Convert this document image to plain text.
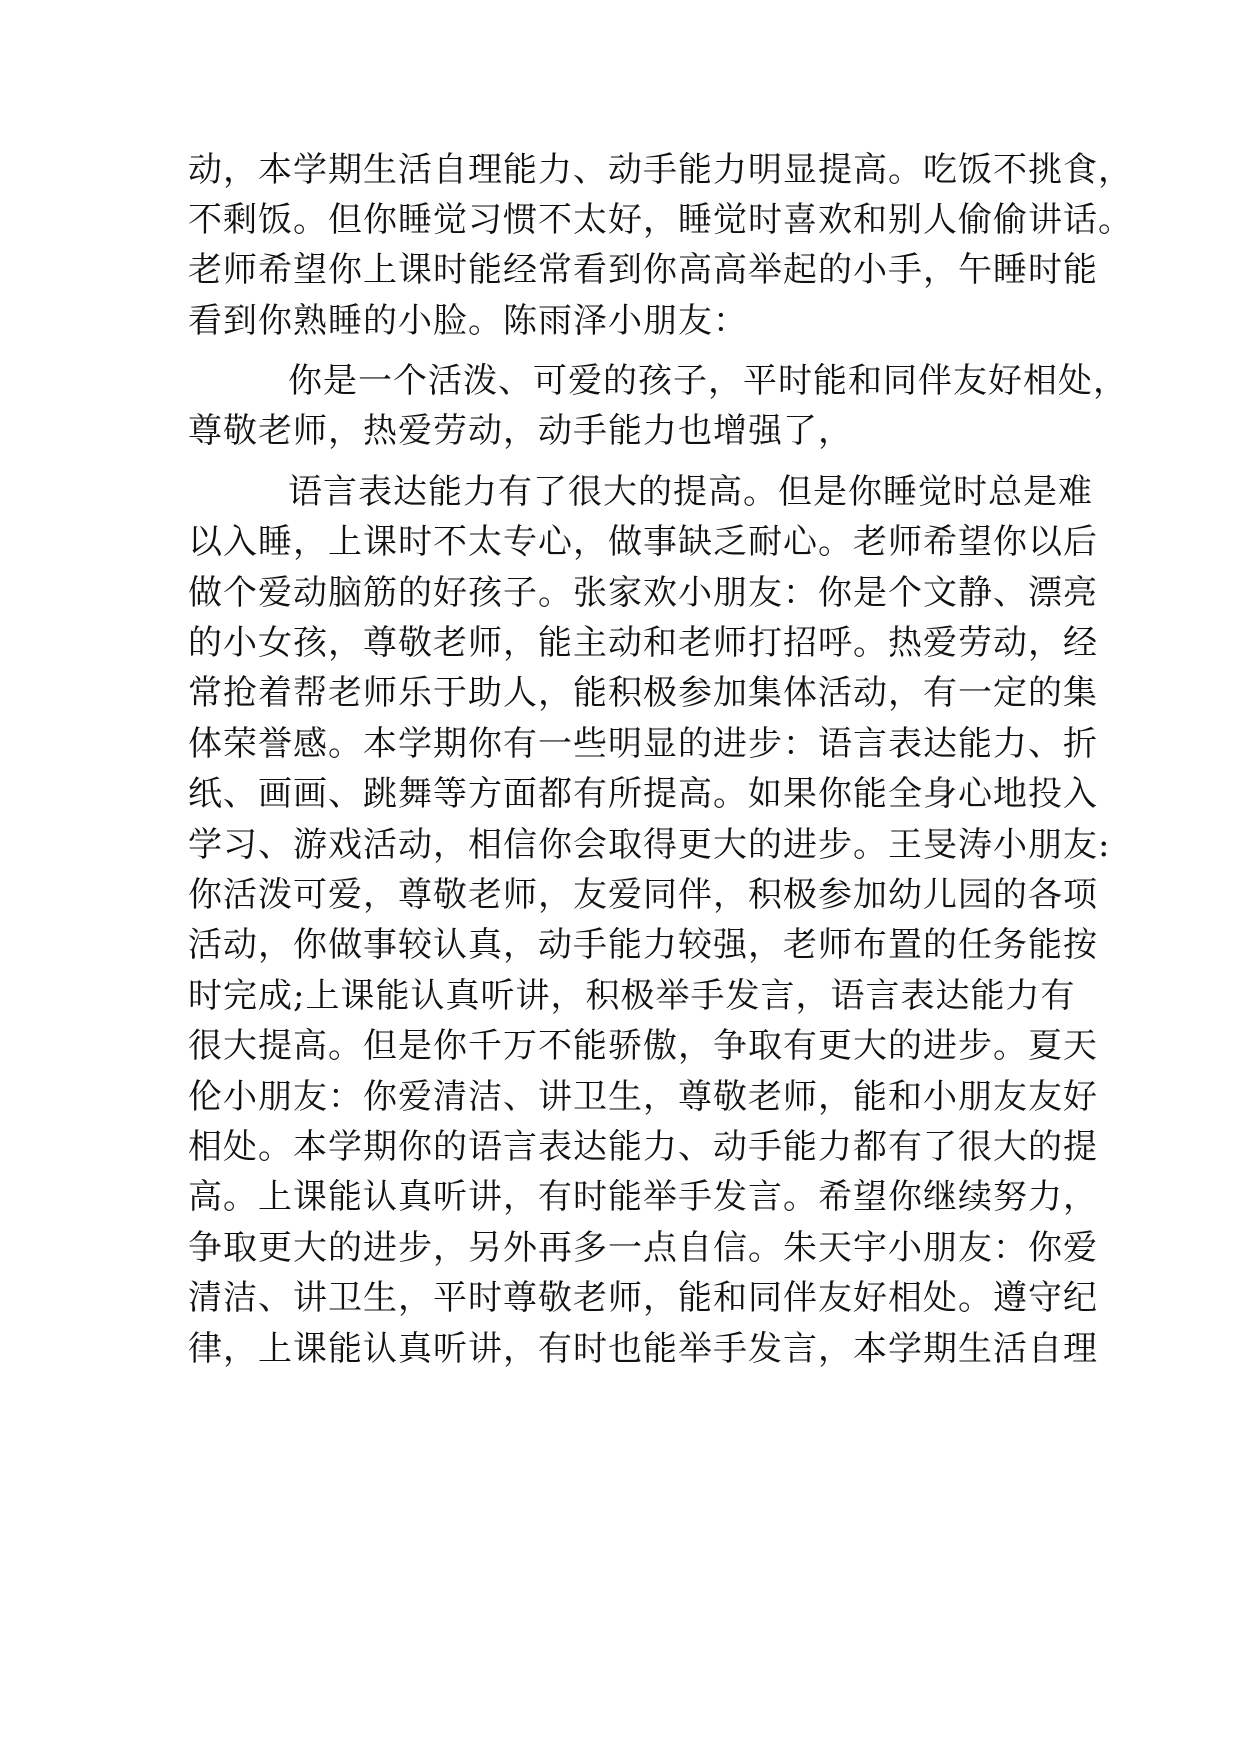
动，本学期生活自理能力、动手能力明显提高。吃饭不挑食，
不剩饭。但你睡觉习惯不太好，睡觉时喜欢和别人偷偷讲话。
老师希望你上课时能经常看到你高高举起的小手，午睡时能
看到你熟睡的小脸。陈雨泽小朋友：
你是一个活泼、可爱的孩子，平时能和同伴友好相处，
尊敬老师，热爱劳动，动手能力也增强了，
语言表达能力有了很大的提高。但是你睡觉时总是难
以入睡，上课时不太专心，做事缺乏耐心。老师希望你以后
做个爱动脑筋的好孩子。张家欢小朋友：你是个文静、漂亮
的小女孩，尊敬老师，能主动和老师打招呼。热爱劳动，经
常抢着帮老师乐于助人，能积极参加集体活动，有一定的集
体荣誉感。本学期你有一些明显的进步：语言表达能力、折
纸、画画、跳舞等方面都有所提高。如果你能全身心地投入
学习、游戏活动，相信你会取得更大的进步。王旻涛小朋友:
你活泼可爱，尊敬老师，友爱同伴，积极参加幼儿园的各项
活动，你做事较认真，动手能力较强，老师布置的任务能按
时完成;上课能认真听讲，积极举手发言，语言表达能力有
很大提高。但是你千万不能骄傲，争取有更大的进步。夏天
伦小朋友：你爱清洁、讲卫生，尊敬老师，能和小朋友友好
相处。本学期你的语言表达能力、动手能力都有了很大的提
高。上课能认真听讲，有时能举手发言。希望你继续努力，
争取更大的进步，另外再多一点自信。朱天宇小朋友：你爱
清洁、讲卫生，平时尊敬老师，能和同伴友好相处。遵守纪
律，上课能认真听讲，有时也能举手发言，本学期生活自理
